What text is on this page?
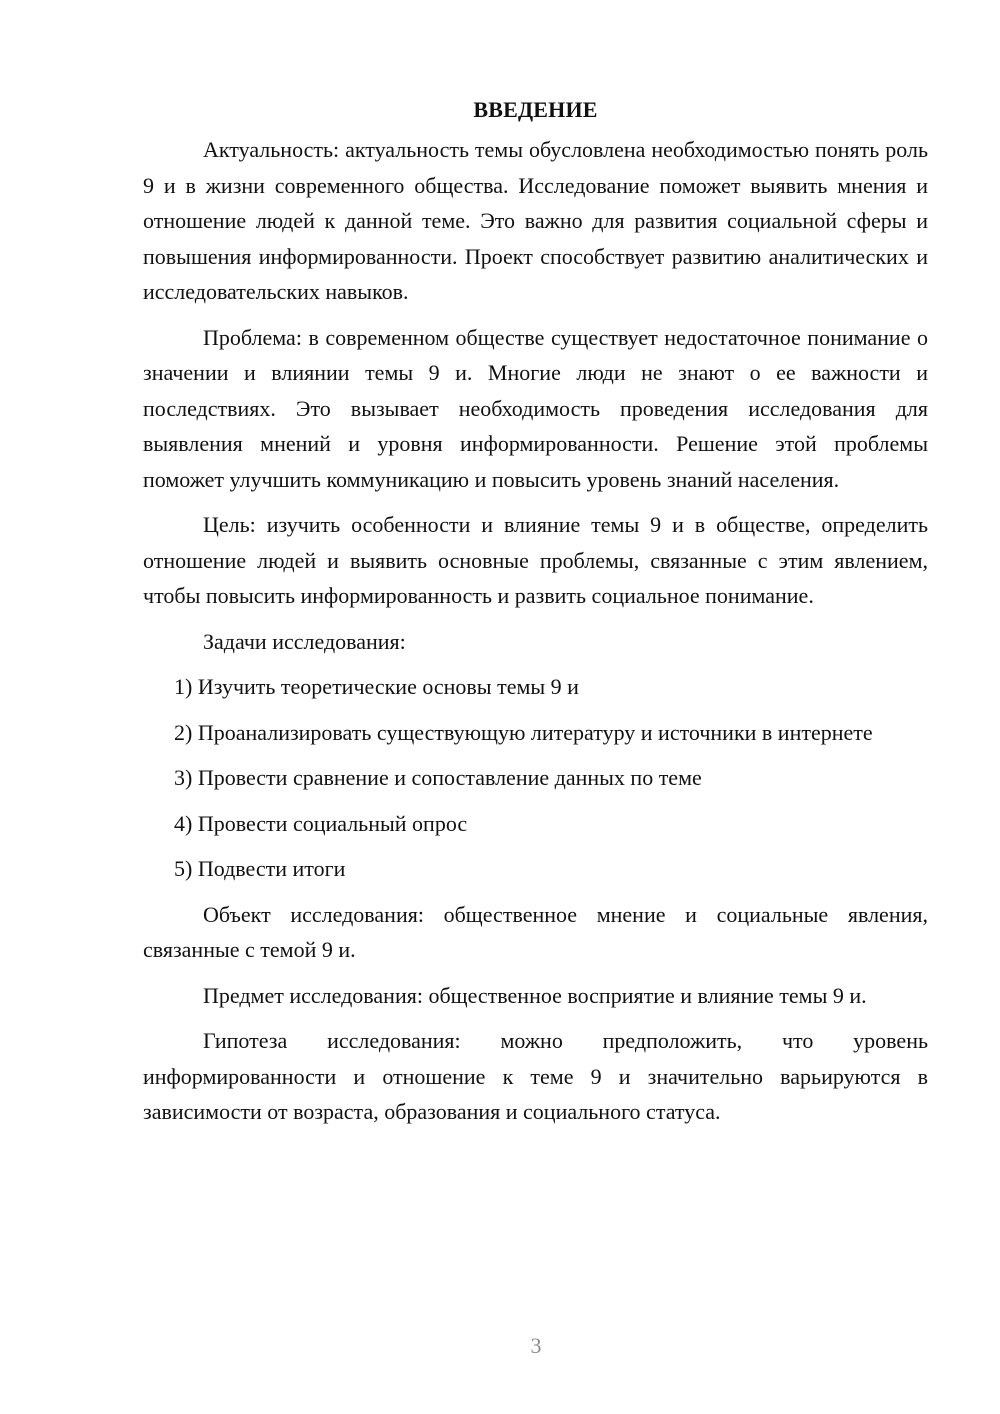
ВВЕДЕНИЕ

Актуальность: актуальность темы обусловлена необходимостью понять роль 9 и в жизни современного общества. Исследование поможет выявить мнения и отношение людей к данной теме. Это важно для развития социальной сферы и повышения информированности. Проект способствует развитию аналитических и исследовательских навыков.

Проблема: в современном обществе существует недостаточное понимание о значении и влиянии темы 9 и. Многие люди не знают о ее важности и последствиях. Это вызывает необходимость проведения исследования для выявления мнений и уровня информированности. Решение этой проблемы поможет улучшить коммуникацию и повысить уровень знаний населения.

Цель: изучить особенности и влияние темы 9 и в обществе, определить отношение людей и выявить основные проблемы, связанные с этим явлением, чтобы повысить информированность и развить социальное понимание.

Задачи исследования:

1) Изучить теоретические основы темы 9 и

2) Проанализировать существующую литературу и источники в интернете

3) Провести сравнение и сопоставление данных по теме

4) Провести социальный опрос

5) Подвести итоги

Объект исследования: общественное мнение и социальные явления, связанные с темой 9 и.

Предмет исследования: общественное восприятие и влияние темы 9 и.

Гипотеза исследования: можно предположить, что уровень информированности и отношение к теме 9 и значительно варьируются в зависимости от возраста, образования и социального статуса.

3
